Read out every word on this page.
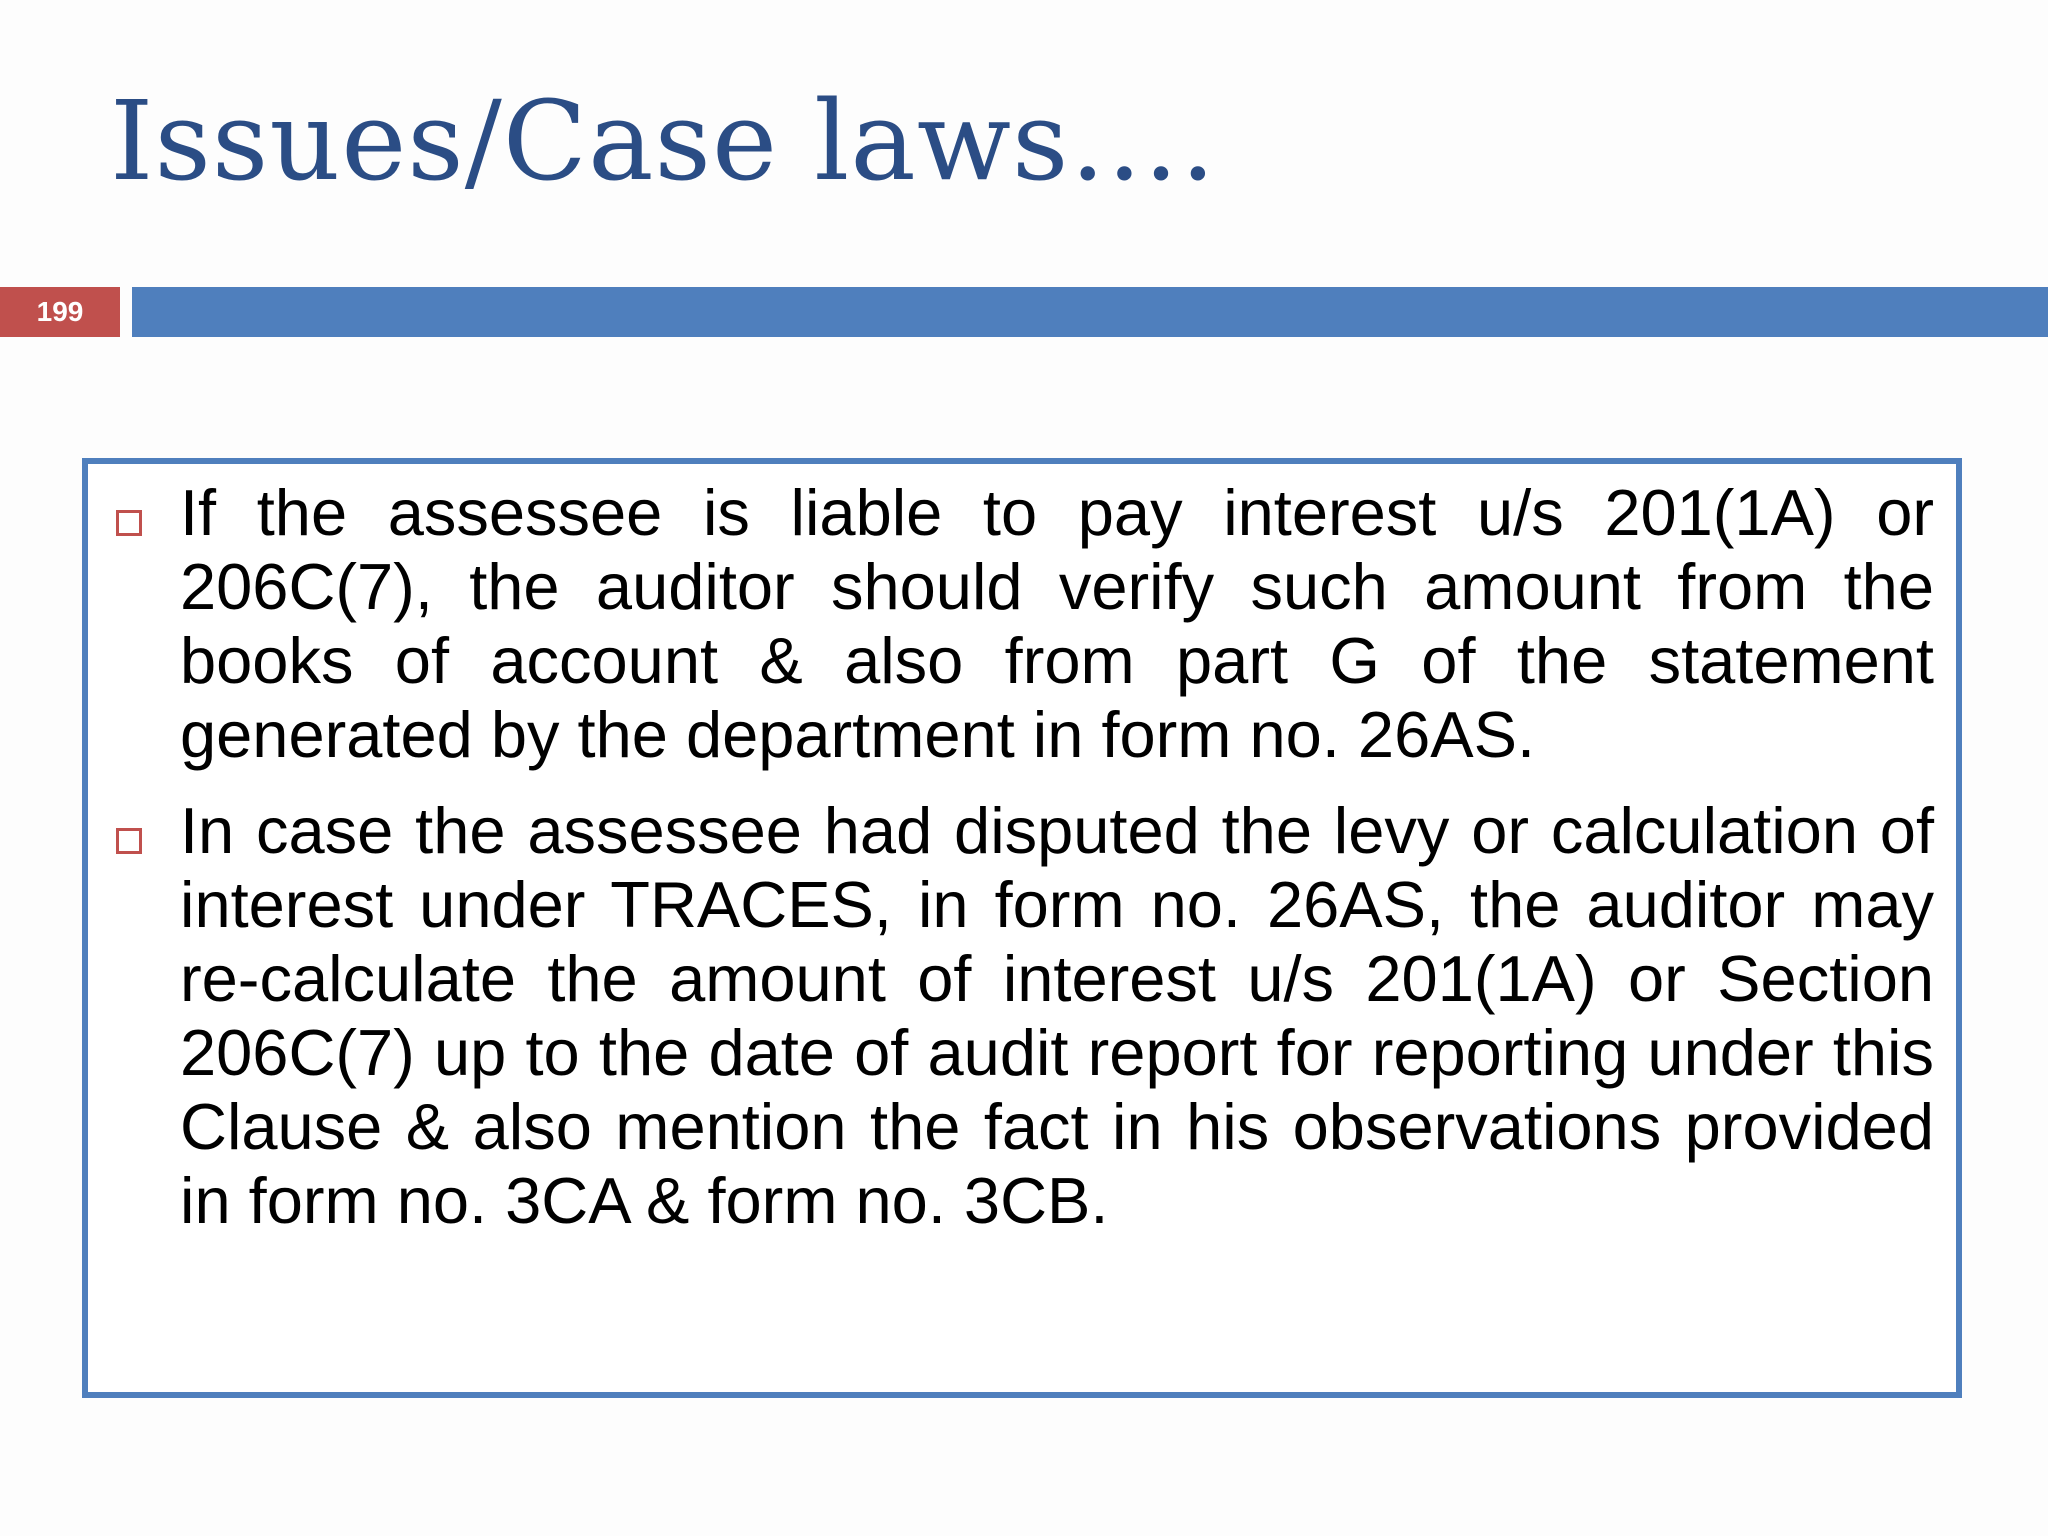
Issues/Case laws….
199
If the assessee is liable to pay interest u/s 201(1A) or 206C(7), the auditor should verify such amount from the books of account & also from part G of the statement generated by the department in form no. 26AS.
In case the assessee had disputed the levy or calculation of interest under TRACES, in form no. 26AS, the auditor may re-calculate the amount of interest u/s 201(1A) or Section 206C(7) up to the date of audit report for reporting under this Clause & also mention the fact in his observations provided in form no. 3CA & form no. 3CB.
